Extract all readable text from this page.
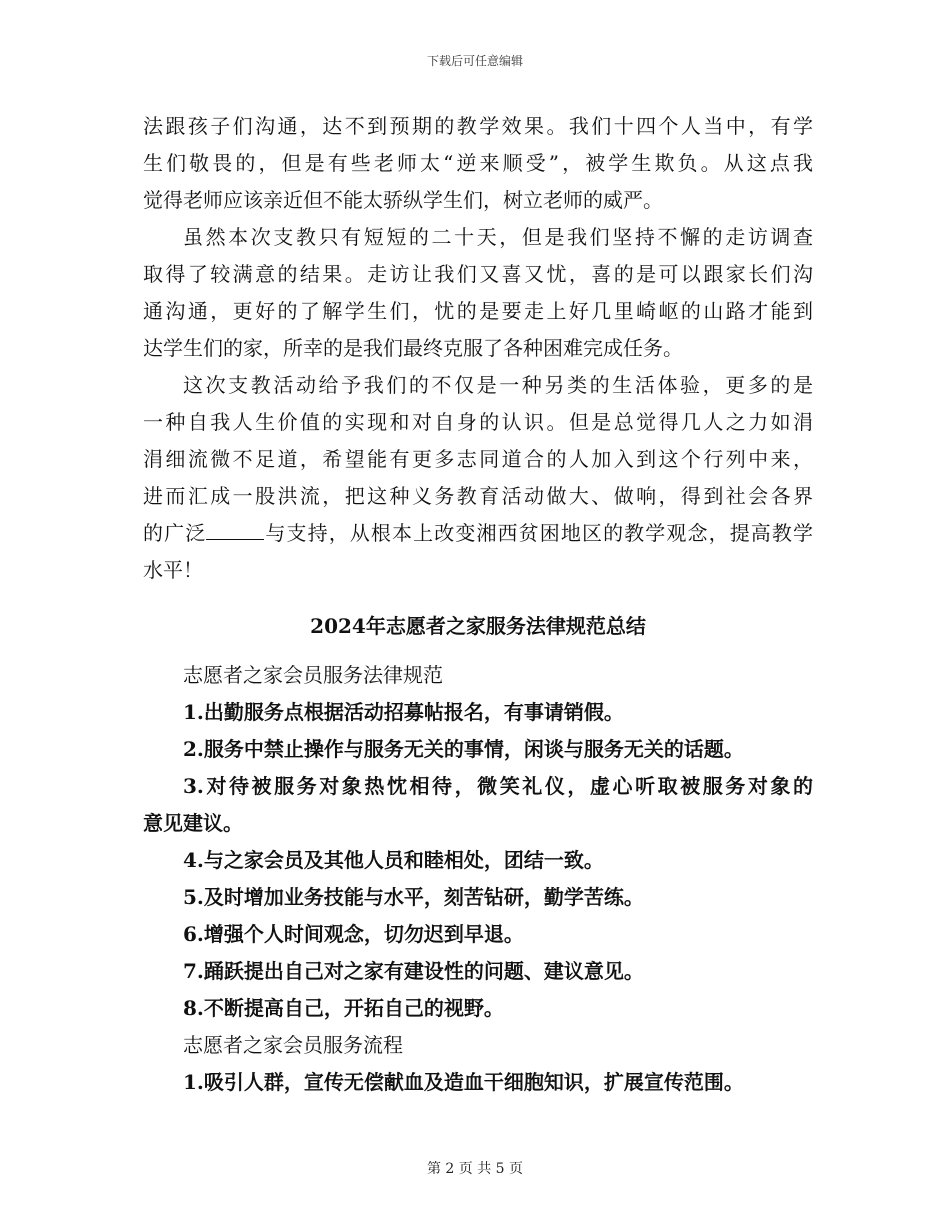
下载后可任意编辑
法跟孩子们沟通，达不到预期的教学效果。我们十四个人当中，有学
生们敬畏的，但是有些老师太“逆来顺受”，被学生欺负。从这点我
觉得老师应该亲近但不能太骄纵学生们，树立老师的威严。
虽然本次支教只有短短的二十天，但是我们坚持不懈的走访调查
取得了较满意的结果。走访让我们又喜又忧，喜的是可以跟家长们沟
通沟通，更好的了解学生们，忧的是要走上好几里崎岖的山路才能到
达学生们的家，所幸的是我们最终克服了各种困难完成任务。
这次支教活动给予我们的不仅是一种另类的生活体验，更多的是
一种自我人生价值的实现和对自身的认识。但是总觉得几人之力如涓
涓细流微不足道，希望能有更多志同道合的人加入到这个行列中来，
进而汇成一股洪流，把这种义务教育活动做大、做响，得到社会各界
的广泛	与支持，从根本上改变湘西贫困地区的教学观念，提高教学
水平！
2024年志愿者之家服务法律规范总结
志愿者之家会员服务法律规范
1.出勤服务点根据活动招募帖报名，有事请销假。
2.服务中禁止操作与服务无关的事情，闲谈与服务无关的话题。
3.对待被服务对象热忱相待，微笑礼仪，虚心听取被服务对象的
意见建议。
4.与之家会员及其他人员和睦相处，团结一致。
5.及时增加业务技能与水平，刻苦钻研，勤学苦练。
6.增强个人时间观念，切勿迟到早退。
7.踊跃提出自己对之家有建设性的问题、建议意见。
8.不断提高自己，开拓自己的视野。
志愿者之家会员服务流程
1.吸引人群，宣传无偿献血及造血干细胞知识，扩展宣传范围。
第 2 页 共 5 页
